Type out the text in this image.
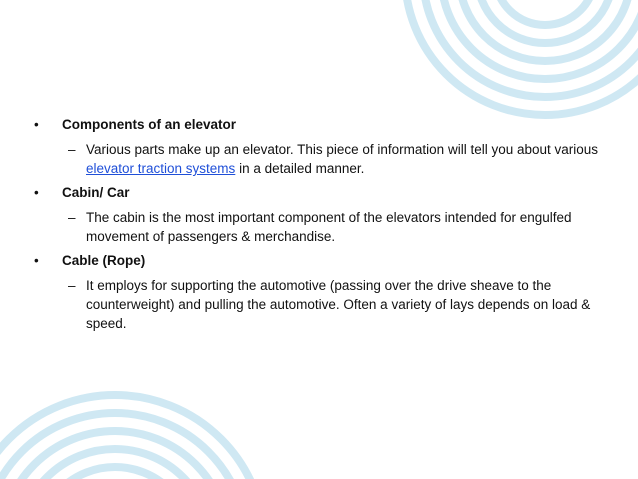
• Components of an elevator
– Various parts make up an elevator. This piece of information will tell you about various elevator traction systems in a detailed manner.
• Cabin/ Car
– The cabin is the most important component of the elevators intended for engulfed movement of passengers & merchandise.
• Cable (Rope)
– It employs for supporting the automotive (passing over the drive sheave to the counterweight) and pulling the automotive. Often a variety of lays depends on load & speed.
